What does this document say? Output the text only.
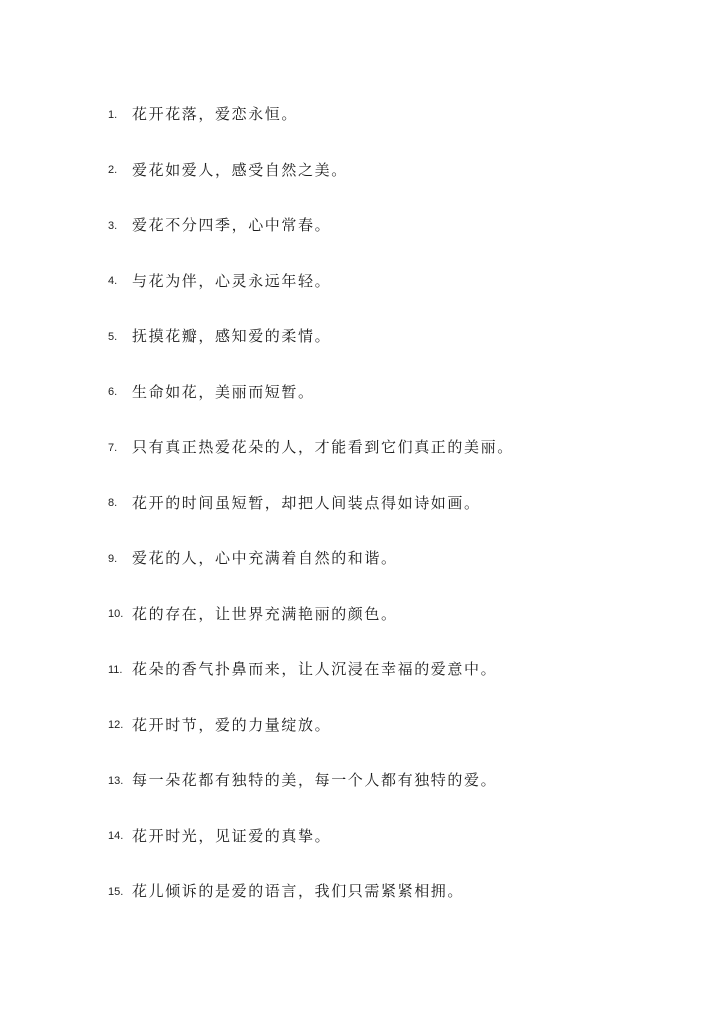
1. 花开花落，爱恋永恒。
2. 爱花如爱人，感受自然之美。
3. 爱花不分四季，心中常春。
4. 与花为伴，心灵永远年轻。
5. 抚摸花瓣，感知爱的柔情。
6. 生命如花，美丽而短暂。
7. 只有真正热爱花朵的人，才能看到它们真正的美丽。
8. 花开的时间虽短暂，却把人间装点得如诗如画。
9. 爱花的人，心中充满着自然的和谐。
10. 花的存在，让世界充满艳丽的颜色。
11. 花朵的香气扑鼻而来，让人沉浸在幸福的爱意中。
12. 花开时节，爱的力量绽放。
13. 每一朵花都有独特的美，每一个人都有独特的爱。
14. 花开时光，见证爱的真挚。
15. 花儿倾诉的是爱的语言，我们只需紧紧相拥。
